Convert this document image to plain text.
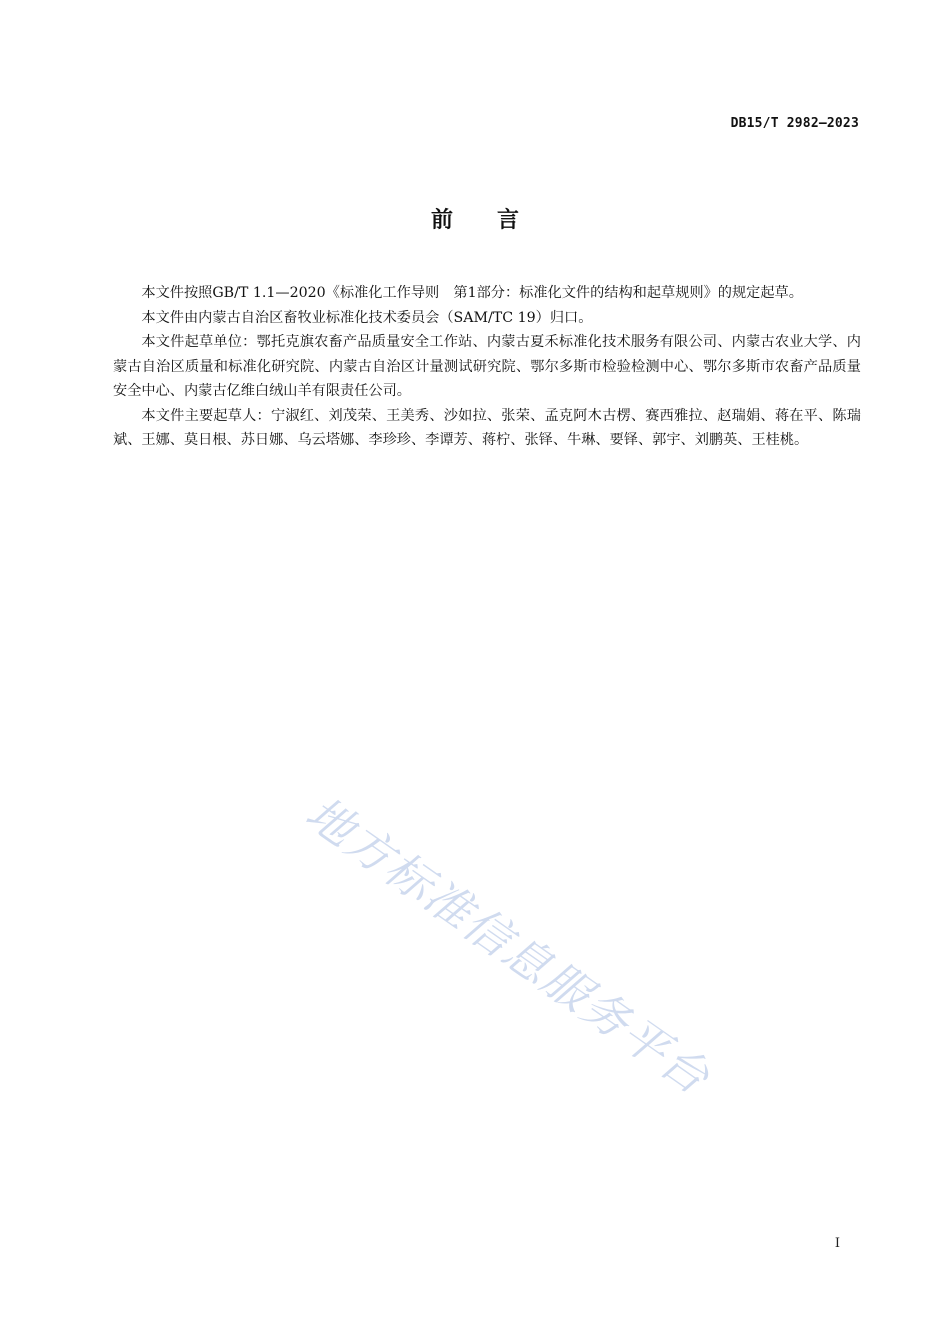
DB15/T 2982—2023
前言

本文件按照GB/T 1.1—2020《标准化工作导则　第1部分：标准化文件的结构和起草规则》的规定起草。

本文件由内蒙古自治区畜牧业标准化技术委员会（SAM/TC 19）归口。

本文件起草单位：鄂托克旗农畜产品质量安全工作站、内蒙古夏禾标准化技术服务有限公司、内蒙古农业大学、内蒙古自治区质量和标准化研究院、内蒙古自治区计量测试研究院、鄂尔多斯市检验检测中心、鄂尔多斯市农畜产品质量安全中心、内蒙古亿维白绒山羊有限责任公司。

本文件主要起草人：宁淑红、刘茂荣、王美秀、沙如拉、张荣、孟克阿木古楞、赛西雅拉、赵瑞娟、蒋在平、陈瑞斌、王娜、莫日根、苏日娜、乌云塔娜、李珍珍、李谭芳、蒋柠、张铎、牛琳、要铎、郭宇、刘鹏英、王桂桃。

地方标准信息服务平台
I
